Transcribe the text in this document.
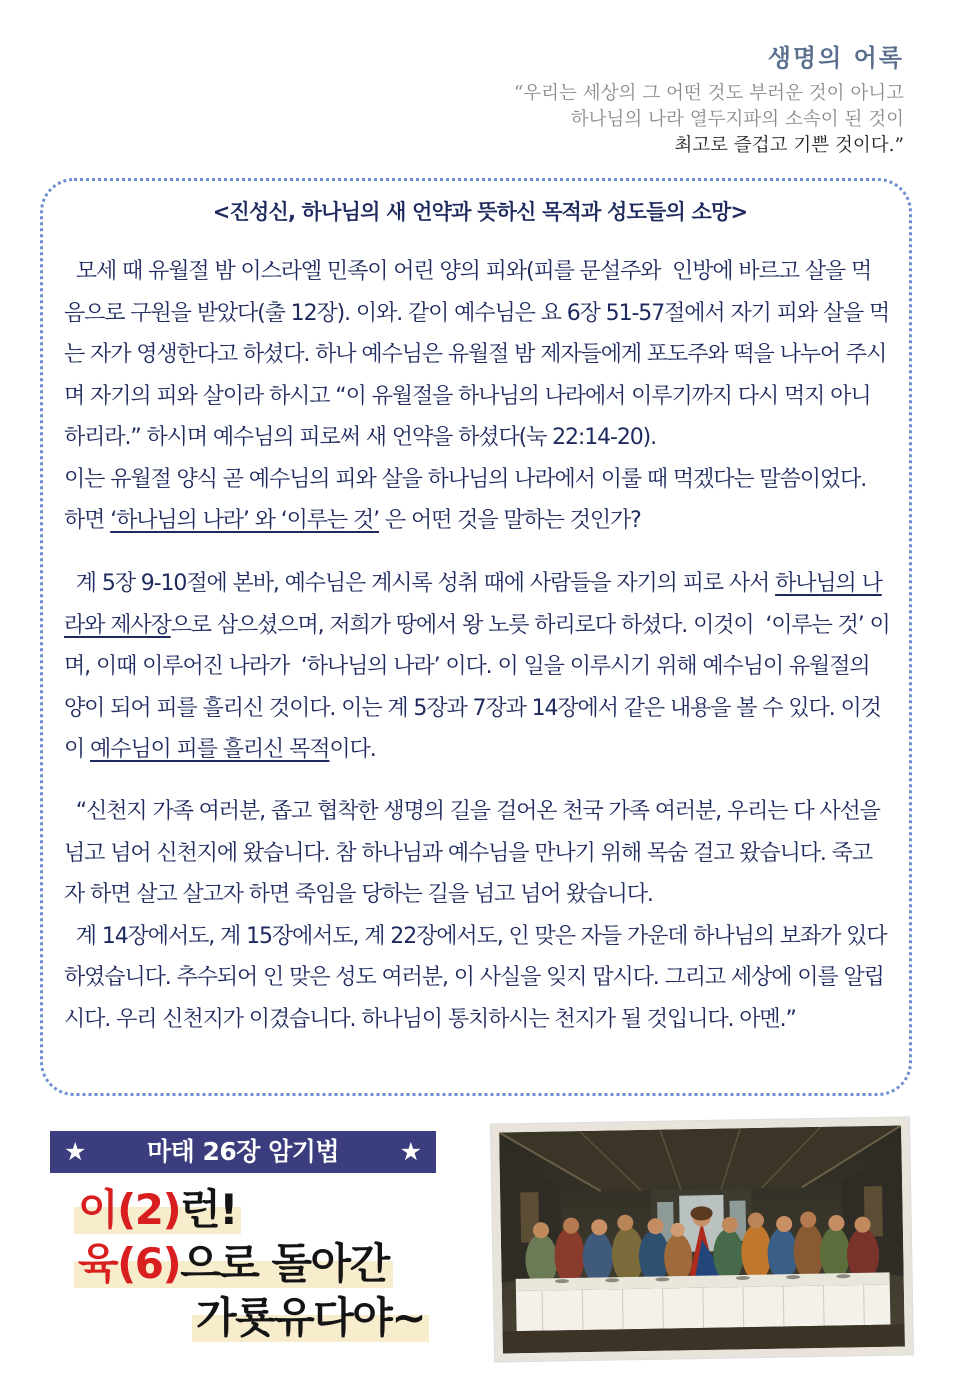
생명의 어록
“우리는 세상의 그 어떤 것도 부러운 것이 아니고
하나님의 나라 열두지파의 소속이 된 것이
최고로 즐겁고 기쁜 것이다.”
<진성신, 하나님의 새 언약과 뜻하신 목적과 성도들의 소망>

모세 때 유월절 밤 이스라엘 민족이 어린 양의 피와(피를 문설주와  인방에 바르고 살을 먹음으로 구원을 받았다(출 12장). 이와. 같이 예수님은 요 6장 51-57절에서 자기 피와 살을 먹는 자가 영생한다고 하셨다. 하나 예수님은 유월절 밤 제자들에게 포도주와 떡을 나누어 주시며 자기의 피와 살이라 하시고 “이 유월절을 하나님의 나라에서 이루기까지 다시 먹지 아니하리라.” 하시며 예수님의 피로써 새 언약을 하셨다(눅 22:14-20).
이는 유월절 양식 곧 예수님의 피와 살을 하나님의 나라에서 이룰 때 먹겠다는 말씀이었다. 하면 ‘하나님의 나라’ 와 ‘이루는 것’ 은 어떤 것을 말하는 것인가?

계 5장 9-10절에 본바, 예수님은 계시록 성취 때에 사람들을 자기의 피로 사서 하나님의 나라와 제사장으로 삼으셨으며, 저희가 땅에서 왕 노릇 하리로다 하셨다. 이것이  ‘이루는 것’ 이며, 이때 이루어진 나라가  ‘하나님의 나라’ 이다. 이 일을 이루시기 위해 예수님이 유월절의 양이 되어 피를 흘리신 것이다. 이는 계 5장과 7장과 14장에서 같은 내용을 볼 수 있다. 이것이 예수님이 피를 흘리신 목적이다.

“신천지 가족 여러분, 좁고 협착한 생명의 길을 걸어온 천국 가족 여러분, 우리는 다 사선을 넘고 넘어 신천지에 왔습니다. 참 하나님과 예수님을 만나기 위해 목숨 걸고 왔습니다. 죽고자 하면 살고 살고자 하면 죽임을 당하는 길을 넘고 넘어 왔습니다.
계 14장에서도, 계 15장에서도, 계 22장에서도, 인 맞은 자들 가운데 하나님의 보좌가 있다 하였습니다. 추수되어 인 맞은 성도 여러분, 이 사실을 잊지 맙시다. 그리고 세상에 이를 알립시다. 우리 신천지가 이겼습니다. 하나님이 통치하시는 천지가 될 것입니다. 아멘.”

★	마태 26장 암기법	★
이(2)런!
육(6)으로 돌아간
가룟유다야~
